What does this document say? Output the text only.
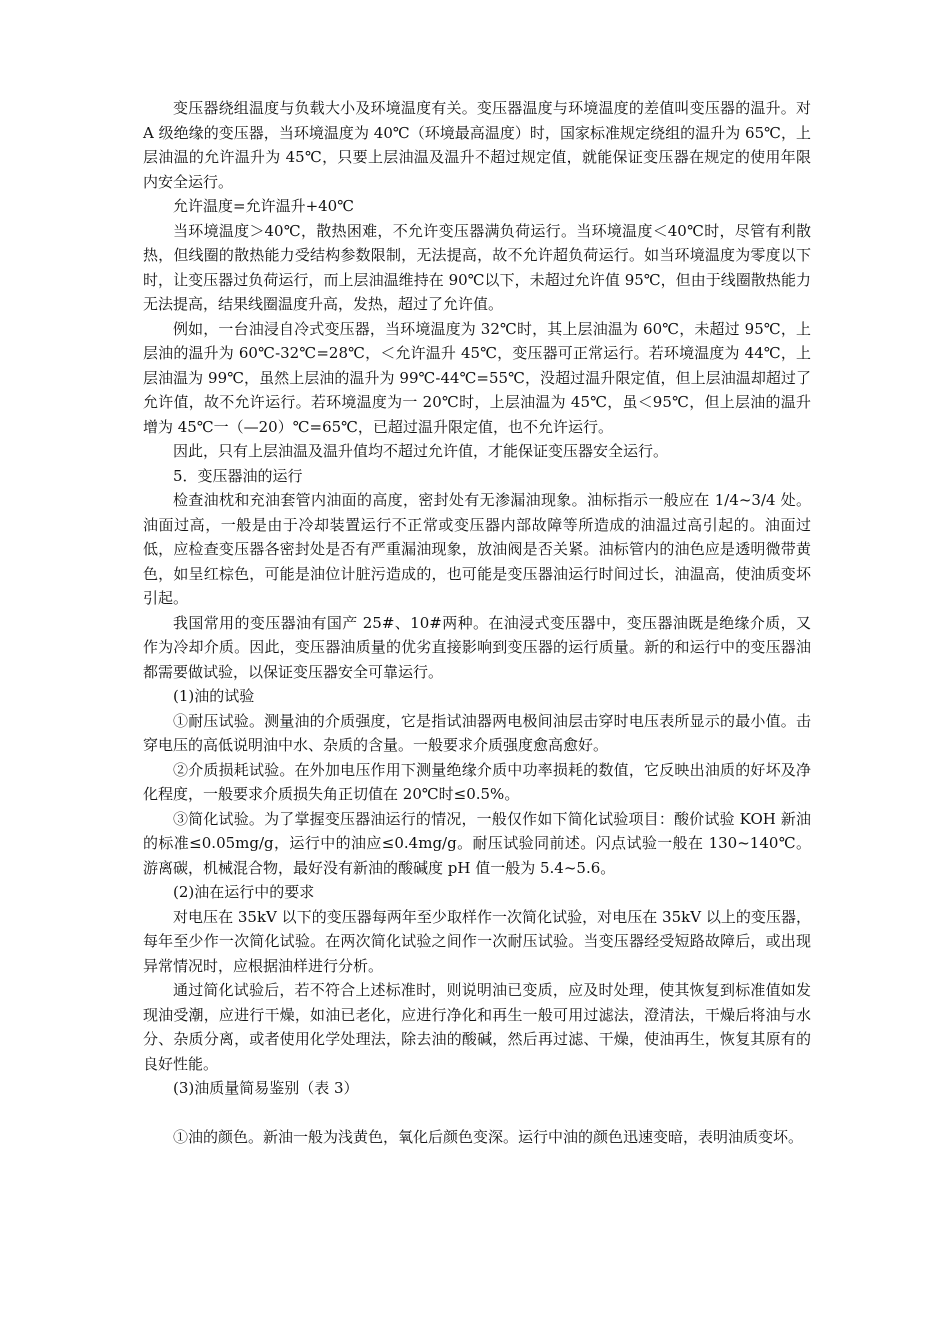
变压器绕组温度与负载大小及环境温度有关。变压器温度与环境温度的差值叫变压器的温升。对 A 级绝缘的变压器，当环境温度为 40℃（环境最高温度）时，国家标准规定绕组的温升为 65℃，上层油温的允许温升为 45℃，只要上层油温及温升不超过规定值，就能保证变压器在规定的使用年限内安全运行。

允许温度=允许温升+40℃

当环境温度＞40℃，散热困难，不允许变压器满负荷运行。当环境温度＜40℃时，尽管有利散热，但线圈的散热能力受结构参数限制，无法提高，故不允许超负荷运行。如当环境温度为零度以下时，让变压器过负荷运行，而上层油温维持在 90℃以下，未超过允许值 95℃，但由于线圈散热能力无法提高，结果线圈温度升高，发热，超过了允许值。

例如，一台油浸自冷式变压器，当环境温度为 32℃时，其上层油温为 60℃，未超过 95℃，上层油的温升为 60℃-32℃=28℃，＜允许温升 45℃，变压器可正常运行。若环境温度为 44℃，上层油温为 99℃，虽然上层油的温升为 99℃-44℃=55℃，没超过温升限定值，但上层油温却超过了允许值，故不允许运行。若环境温度为一 20℃时，上层油温为 45℃，虽＜95℃，但上层油的温升增为 45℃一（—20）℃=65℃，已超过温升限定值，也不允许运行。

因此，只有上层油温及温升值均不超过允许值，才能保证变压器安全运行。

5．变压器油的运行

检查油枕和充油套管内油面的高度，密封处有无渗漏油现象。油标指示一般应在 1/4~3/4 处。油面过高，一般是由于冷却装置运行不正常或变压器内部故障等所造成的油温过高引起的。油面过低，应检查变压器各密封处是否有严重漏油现象，放油阀是否关紧。油标管内的油色应是透明微带黄色，如呈红棕色，可能是油位计脏污造成的，也可能是变压器油运行时间过长，油温高，使油质变坏引起。

我国常用的变压器油有国产 25#、10#两种。在油浸式变压器中，变压器油既是绝缘介质，又作为冷却介质。因此，变压器油质量的优劣直接影响到变压器的运行质量。新的和运行中的变压器油都需要做试验，以保证变压器安全可靠运行。

(1)油的试验

①耐压试验。测量油的介质强度，它是指试油器两电极间油层击穿时电压表所显示的最小值。击穿电压的高低说明油中水、杂质的含量。一般要求介质强度愈高愈好。

②介质损耗试验。在外加电压作用下测量绝缘介质中功率损耗的数值，它反映出油质的好坏及净化程度，一般要求介质损失角正切值在 20℃时≤0.5%。

③简化试验。为了掌握变压器油运行的情况，一般仅作如下简化试验项目：酸价试验 KOH 新油的标准≤0.05mg/g，运行中的油应≤0.4mg/g。耐压试验同前述。闪点试验一般在 130~140℃。游离碳，机械混合物，最好没有新油的酸碱度 pH 值一般为 5.4~5.6。

(2)油在运行中的要求

对电压在 35kV 以下的变压器每两年至少取样作一次简化试验，对电压在 35kV 以上的变压器，每年至少作一次简化试验。在两次简化试验之间作一次耐压试验。当变压器经受短路故障后，或出现异常情况时，应根据油样进行分析。

通过简化试验后，若不符合上述标准时，则说明油已变质，应及时处理，使其恢复到标准值如发现油受潮，应进行干燥，如油已老化，应进行净化和再生一般可用过滤法，澄清法，干燥后将油与水分、杂质分离，或者使用化学处理法，除去油的酸碱，然后再过滤、干燥，使油再生，恢复其原有的良好性能。

(3)油质量简易鉴别（表 3）

①油的颜色。新油一般为浅黄色，氧化后颜色变深。运行中油的颜色迅速变暗，表明油质变坏。
